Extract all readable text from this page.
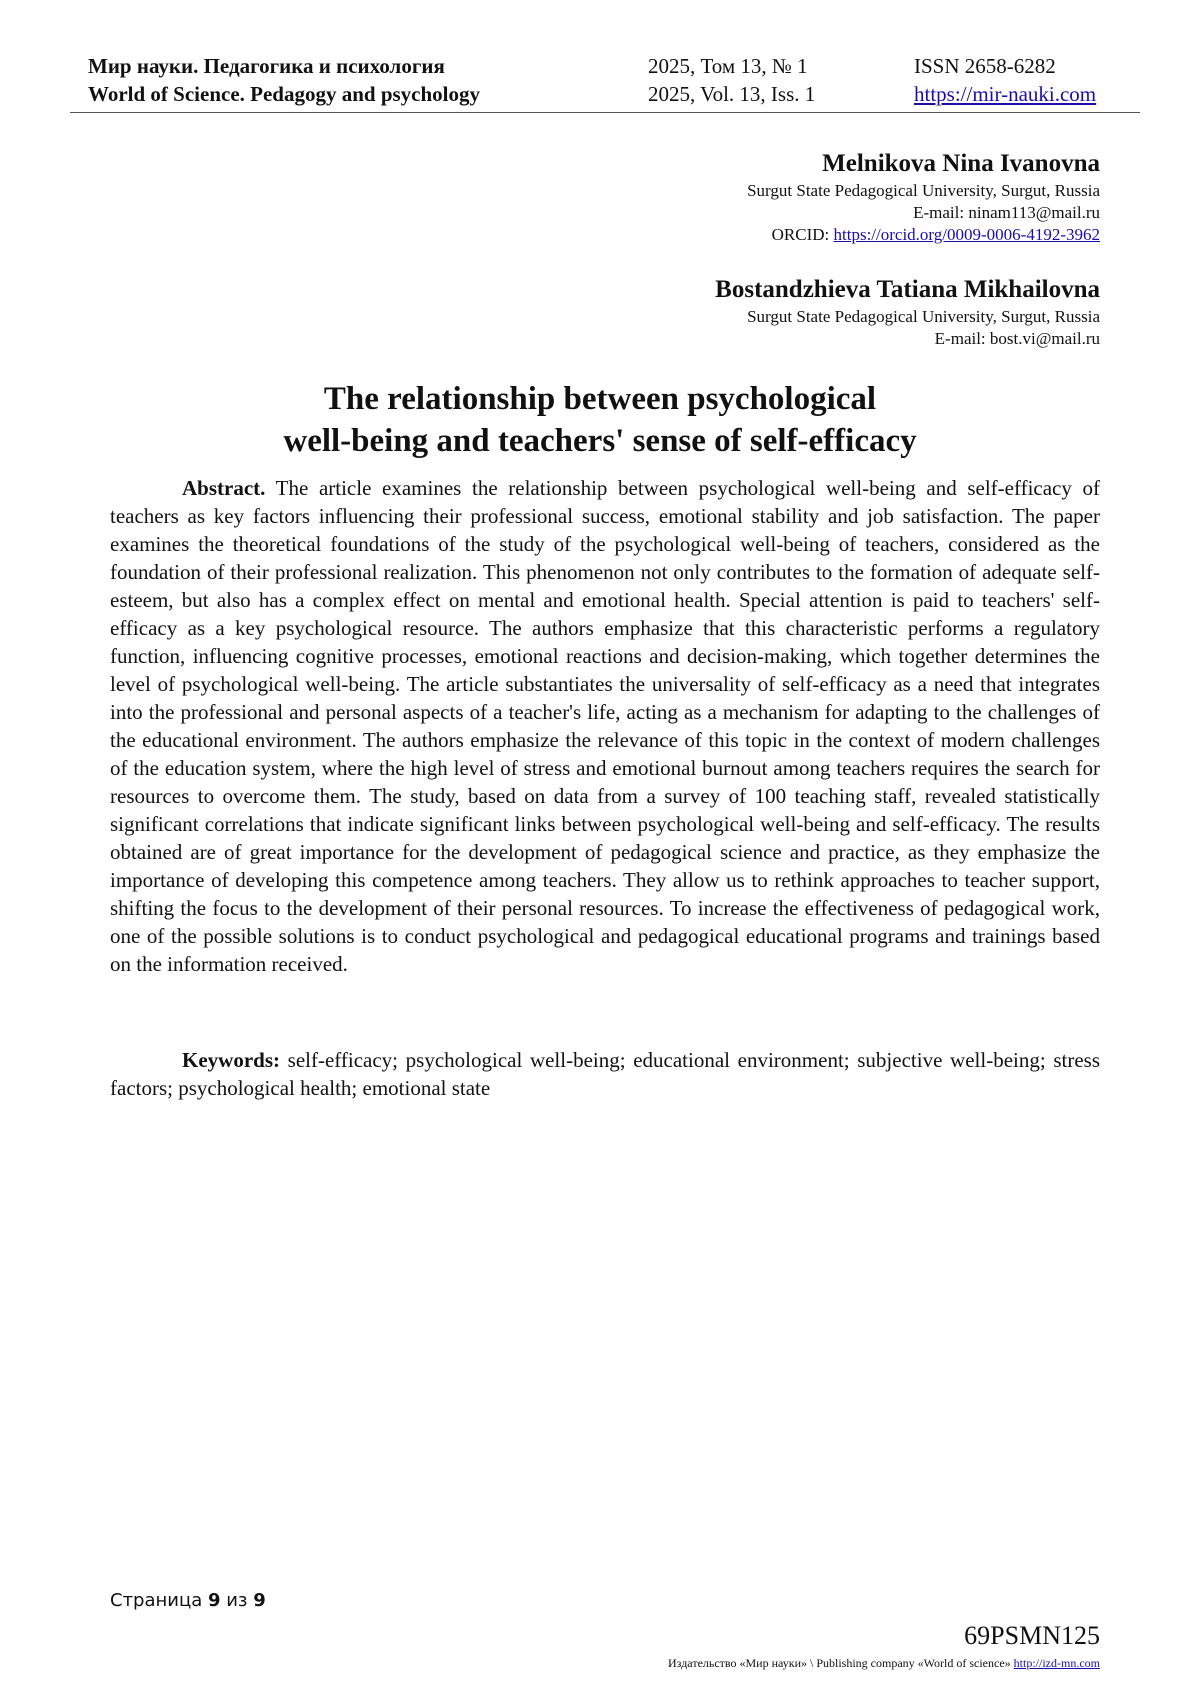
Мир науки. Педагогика и психология	2025, Том 13, № 1	ISSN 2658-6282
World of Science. Pedagogy and psychology	2025, Vol. 13, Iss. 1	https://mir-nauki.com
Melnikova Nina Ivanovna
Surgut State Pedagogical University, Surgut, Russia
E-mail: ninam113@mail.ru
ORCID: https://orcid.org/0009-0006-4192-3962
Bostandzhieva Tatiana Mikhailovna
Surgut State Pedagogical University, Surgut, Russia
E-mail: bost.vi@mail.ru
The relationship between psychological
well-being and teachers' sense of self-efficacy

Abstract. The article examines the relationship between psychological well-being and self-efficacy of teachers as key factors influencing their professional success, emotional stability and job satisfaction. The paper examines the theoretical foundations of the study of the psychological well-being of teachers, considered as the foundation of their professional realization. This phenomenon not only contributes to the formation of adequate self-esteem, but also has a complex effect on mental and emotional health. Special attention is paid to teachers' self-efficacy as a key psychological resource. The authors emphasize that this characteristic performs a regulatory function, influencing cognitive processes, emotional reactions and decision-making, which together determines the level of psychological well-being. The article substantiates the universality of self-efficacy as a need that integrates into the professional and personal aspects of a teacher's life, acting as a mechanism for adapting to the challenges of the educational environment. The authors emphasize the relevance of this topic in the context of modern challenges of the education system, where the high level of stress and emotional burnout among teachers requires the search for resources to overcome them. The study, based on data from a survey of 100 teaching staff, revealed statistically significant correlations that indicate significant links between psychological well-being and self-efficacy. The results obtained are of great importance for the development of pedagogical science and practice, as they emphasize the importance of developing this competence among teachers. They allow us to rethink approaches to teacher support, shifting the focus to the development of their personal resources. To increase the effectiveness of pedagogical work, one of the possible solutions is to conduct psychological and pedagogical educational programs and trainings based on the information received.

Keywords: self-efficacy; psychological well-being; educational environment; subjective well-being; stress factors; psychological health; emotional state

Страница 9 из 9
69PSMN125
Издательство «Мир науки» \ Publishing company «World of science» http://izd-mn.com
